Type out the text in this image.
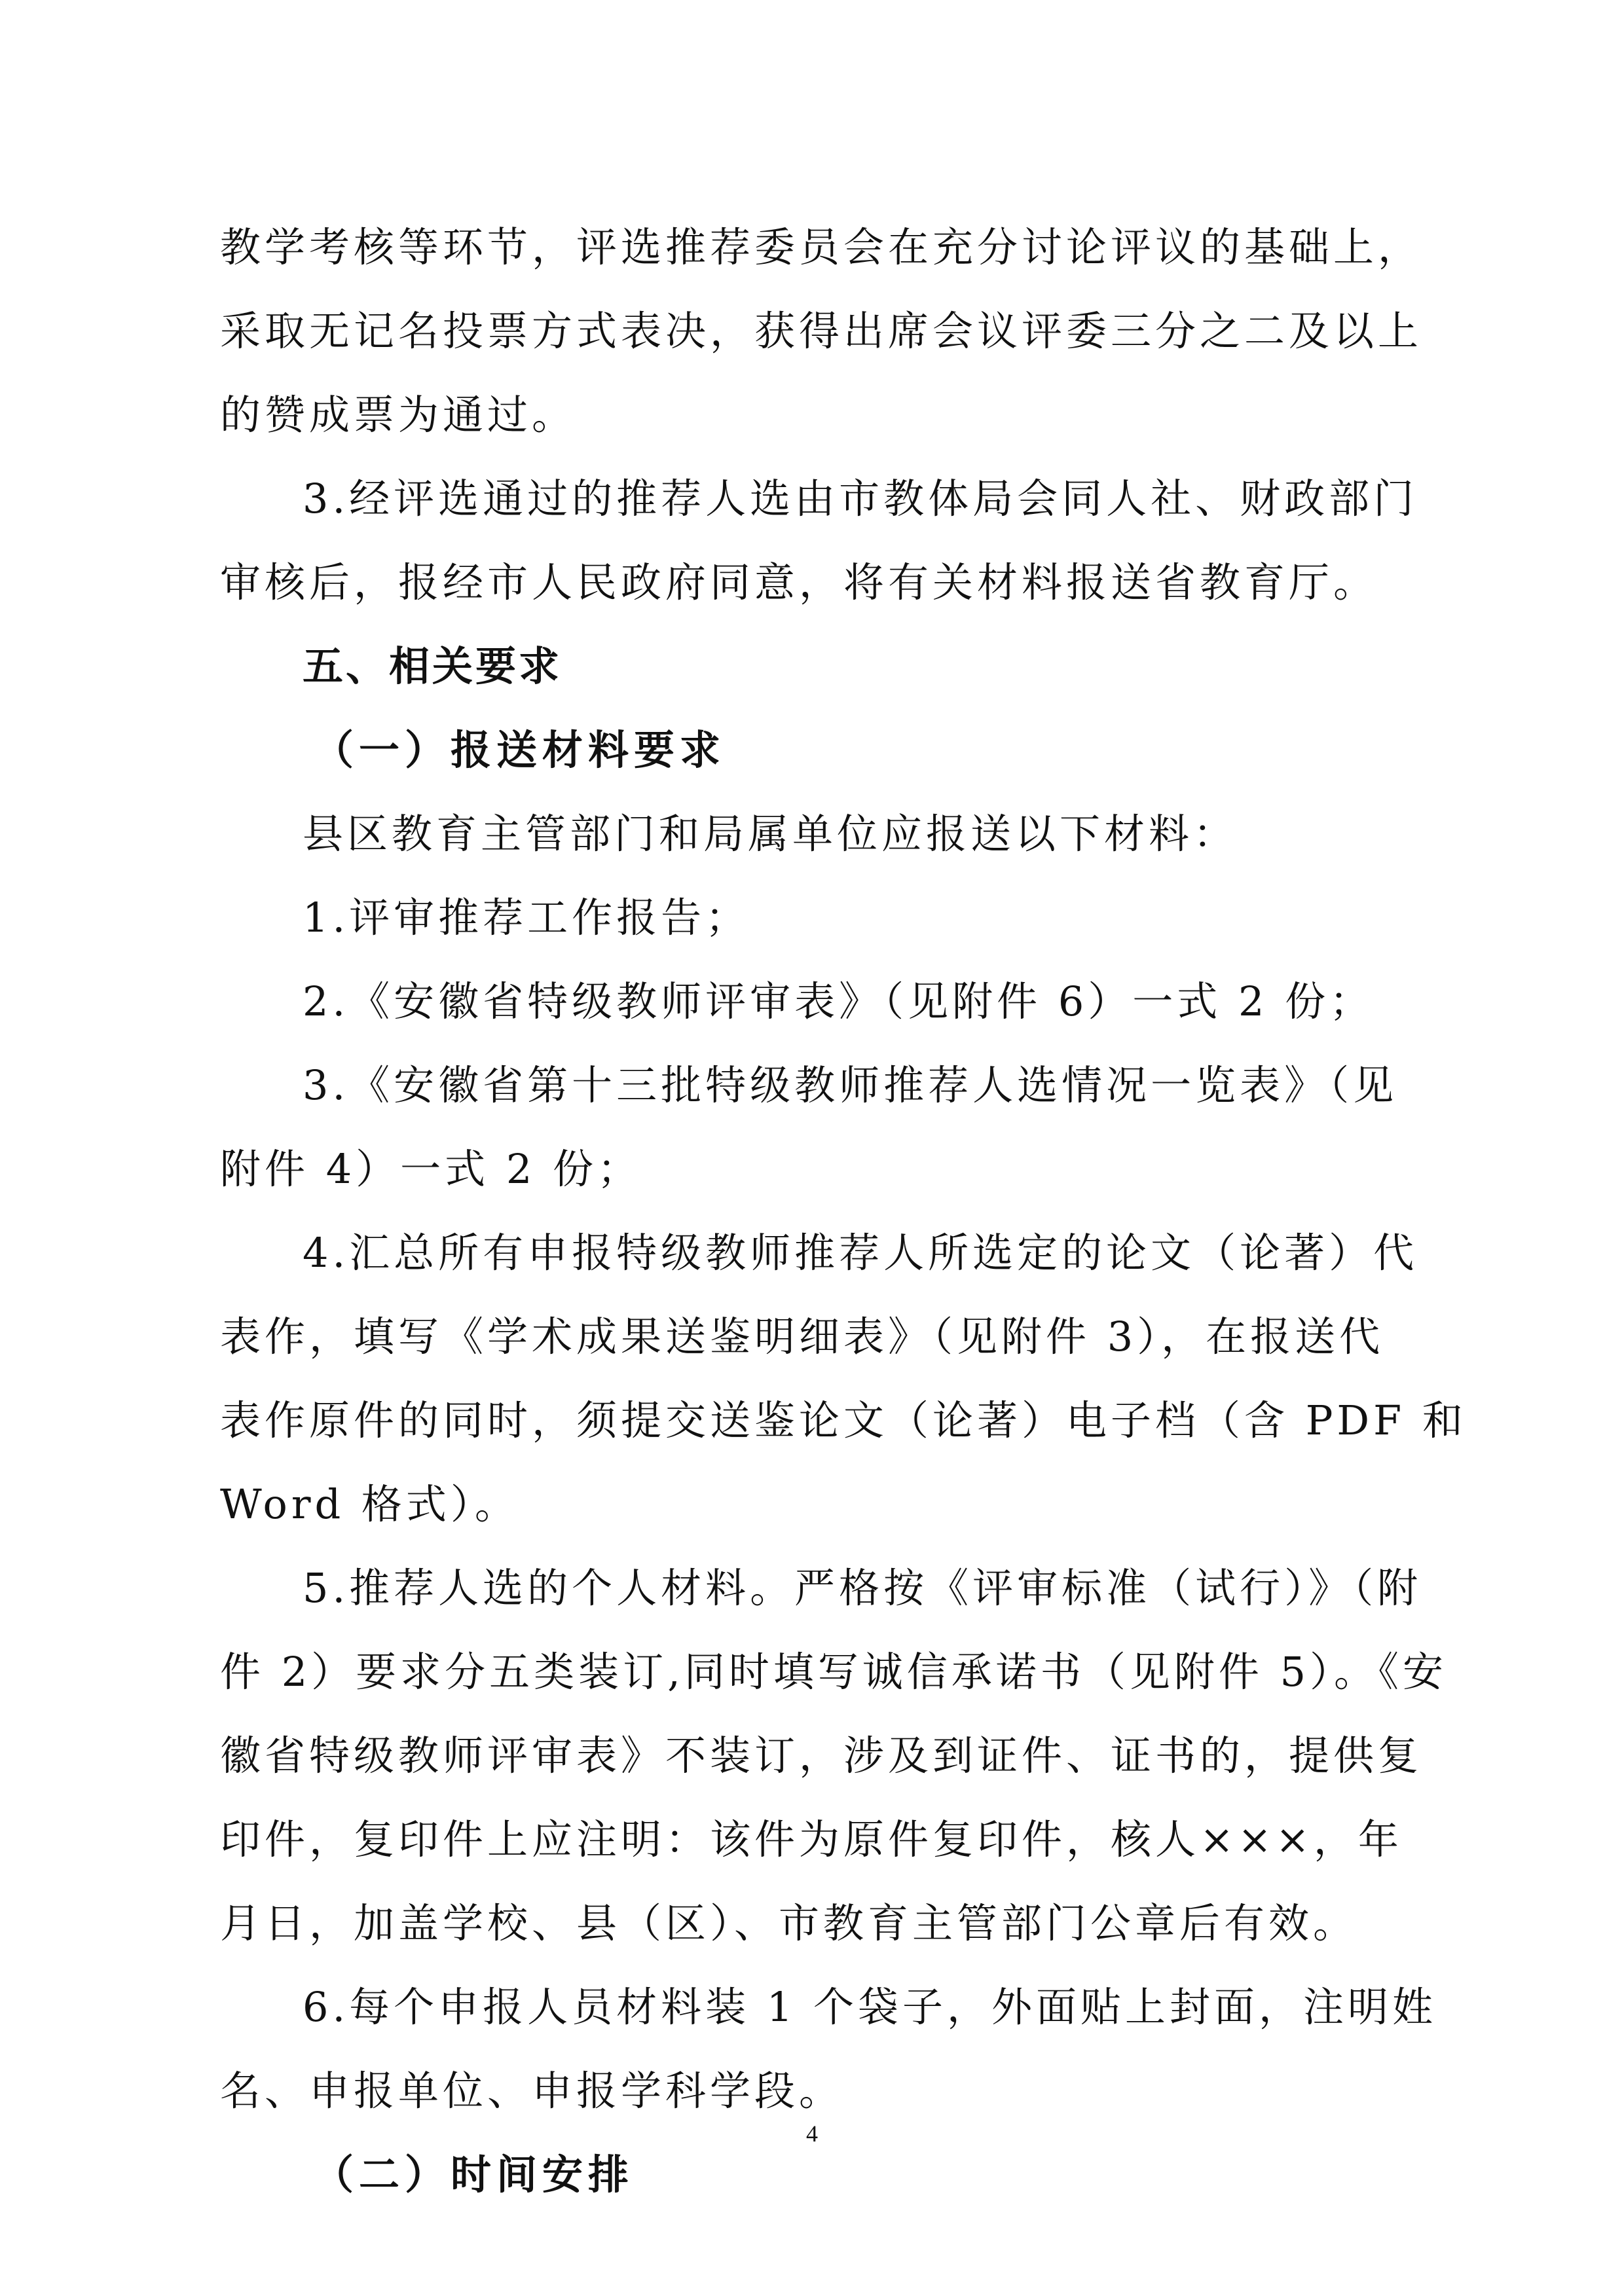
教学考核等环节，评选推荐委员会在充分讨论评议的基础上，
采取无记名投票方式表决，获得出席会议评委三分之二及以上
的赞成票为通过。
3.经评选通过的推荐人选由市教体局会同人社、财政部门
审核后，报经市人民政府同意，将有关材料报送省教育厅。
五、相关要求
（一）报送材料要求
县区教育主管部门和局属单位应报送以下材料：
1.评审推荐工作报告；
2.《安徽省特级教师评审表》（见附件 6）一式 2 份；
3.《安徽省第十三批特级教师推荐人选情况一览表》（见
附件 4）一式 2 份；
4.汇总所有申报特级教师推荐人所选定的论文（论著）代
表作，填写《学术成果送鉴明细表》（见附件 3），在报送代
表作原件的同时，须提交送鉴论文（论著）电子档（含 PDF 和
Word 格式）。
5.推荐人选的个人材料。严格按《评审标准（试行）》（附
件 2）要求分五类装订,同时填写诚信承诺书（见附件 5）。《安
徽省特级教师评审表》不装订，涉及到证件、证书的，提供复
印件，复印件上应注明：该件为原件复印件，核人×××，年
月日，加盖学校、县（区）、市教育主管部门公章后有效。
6.每个申报人员材料装 1 个袋子，外面贴上封面，注明姓
名、申报单位、申报学科学段。
（二）时间安排
4
